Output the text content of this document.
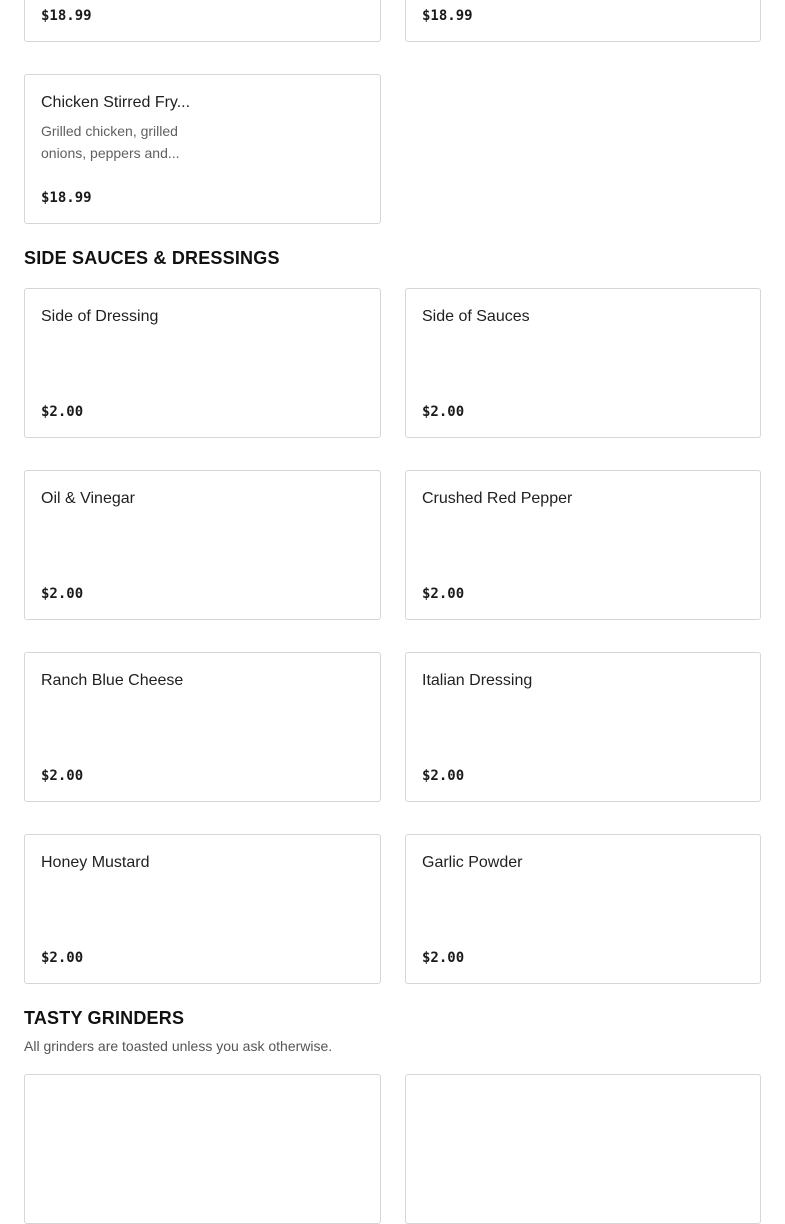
$18.99	$18.99
Chicken Stirred Fry...
Grilled chicken, grilled onions, peppers and...
$18.99
SIDE SAUCES & DRESSINGS
Side of Dressing
$2.00
Side of Sauces
$2.00
Oil & Vinegar
$2.00
Crushed Red Pepper
$2.00
Ranch Blue Cheese
$2.00
Italian Dressing
$2.00
Honey Mustard
$2.00
Garlic Powder
$2.00
TASTY GRINDERS

All grinders are toasted unless you ask otherwise.
